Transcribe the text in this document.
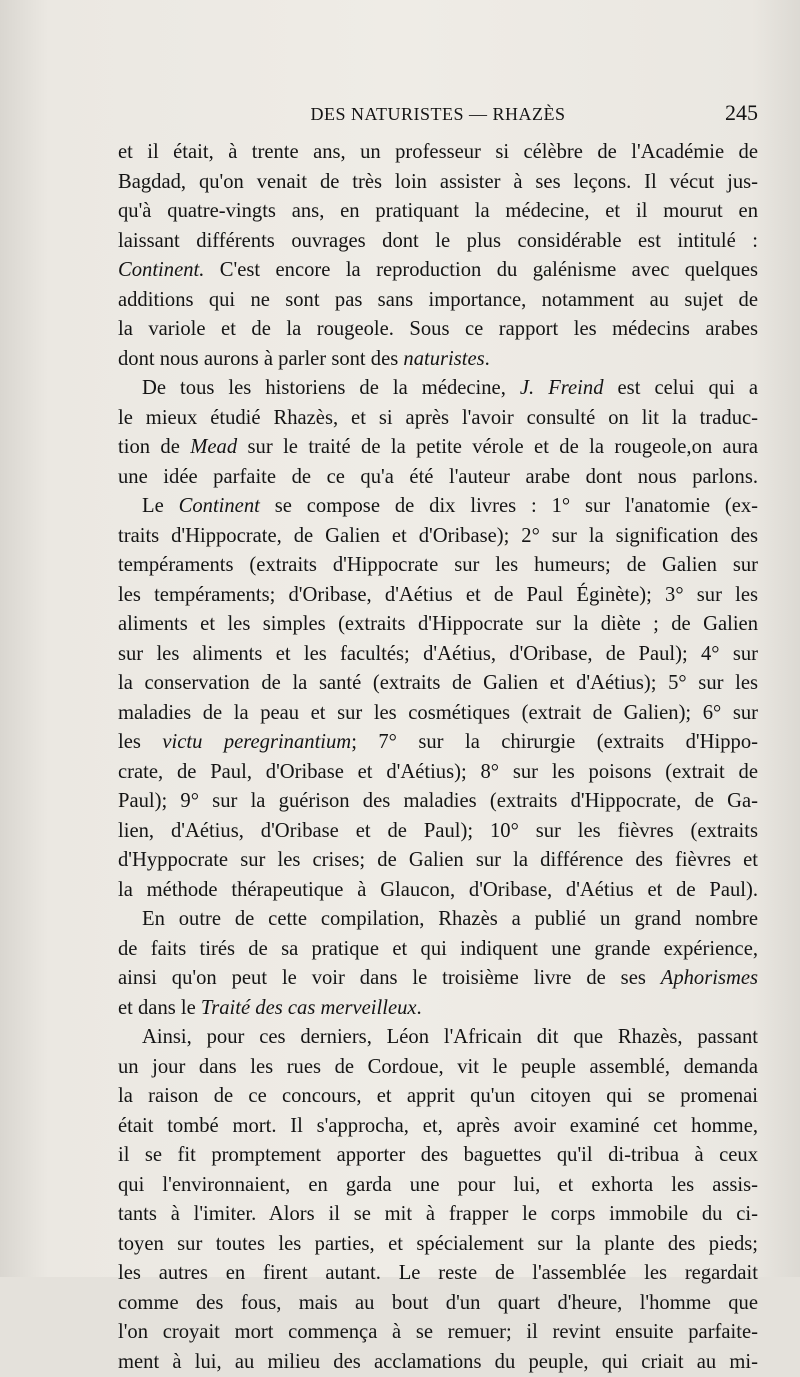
DES NATURISTES — RHAZÈS	245
et il était, à trente ans, un professeur si célèbre de l'Académie de
Bagdad, qu'on venait de très loin assister à ses leçons. Il vécut jus-
qu'à quatre-vingts ans, en pratiquant la médecine, et il mourut en
laissant différents ouvrages dont le plus considérable est intitulé :
Continent. C'est encore la reproduction du galénisme avec quelques
additions qui ne sont pas sans importance, notamment au sujet de
la variole et de la rougeole. Sous ce rapport les médecins arabes
dont nous aurons à parler sont des naturistes.
De tous les historiens de la médecine, J. Freind est celui qui a
le mieux étudié Rhazès, et si après l'avoir consulté on lit la traduc-
tion de Mead sur le traité de la petite vérole et de la rougeole,on aura
une idée parfaite de ce qu'a été l'auteur arabe dont nous parlons.
Le Continent se compose de dix livres : 1° sur l'anatomie (ex-
traits d'Hippocrate, de Galien et d'Oribase); 2° sur la signification des
tempéraments (extraits d'Hippocrate sur les humeurs; de Galien sur
les tempéraments; d'Oribase, d'Aétius et de Paul Éginète); 3° sur les
aliments et les simples (extraits d'Hippocrate sur la diète ; de Galien
sur les aliments et les facultés; d'Aétius, d'Oribase, de Paul); 4° sur
la conservation de la santé (extraits de Galien et d'Aétius); 5° sur les
maladies de la peau et sur les cosmétiques (extrait de Galien); 6° sur
les victu peregrinantium; 7° sur la chirurgie (extraits d'Hippo-
crate, de Paul, d'Oribase et d'Aétius); 8° sur les poisons (extrait de
Paul); 9° sur la guérison des maladies (extraits d'Hippocrate, de Ga-
lien, d'Aétius, d'Oribase et de Paul); 10° sur les fièvres (extraits
d'Hyppocrate sur les crises; de Galien sur la différence des fièvres et
la méthode thérapeutique à Glaucon, d'Oribase, d'Aétius et de Paul).
En outre de cette compilation, Rhazès a publié un grand nombre
de faits tirés de sa pratique et qui indiquent une grande expérience,
ainsi qu'on peut le voir dans le troisième livre de ses Aphorismes
et dans le Traité des cas merveilleux.
Ainsi, pour ces derniers, Léon l'Africain dit que Rhazès, passant
un jour dans les rues de Cordoue, vit le peuple assemblé, demanda
la raison de ce concours, et apprit qu'un citoyen qui se promenai
était tombé mort. Il s'approcha, et, après avoir examiné cet homme,
il se fit promptement apporter des baguettes qu'il di-tribua à ceux
qui l'environnaient, en garda une pour lui, et exhorta les assis-
tants à l'imiter. Alors il se mit à frapper le corps immobile du ci-
toyen sur toutes les parties, et spécialement sur la plante des pieds;
les autres en firent autant. Le reste de l'assemblée les regardait
comme des fous, mais au bout d'un quart d'heure, l'homme que
l'on croyait mort commença à se remuer; il revint ensuite parfaite-
ment à lui, au milieu des acclamations du peuple, qui criait au mi-
